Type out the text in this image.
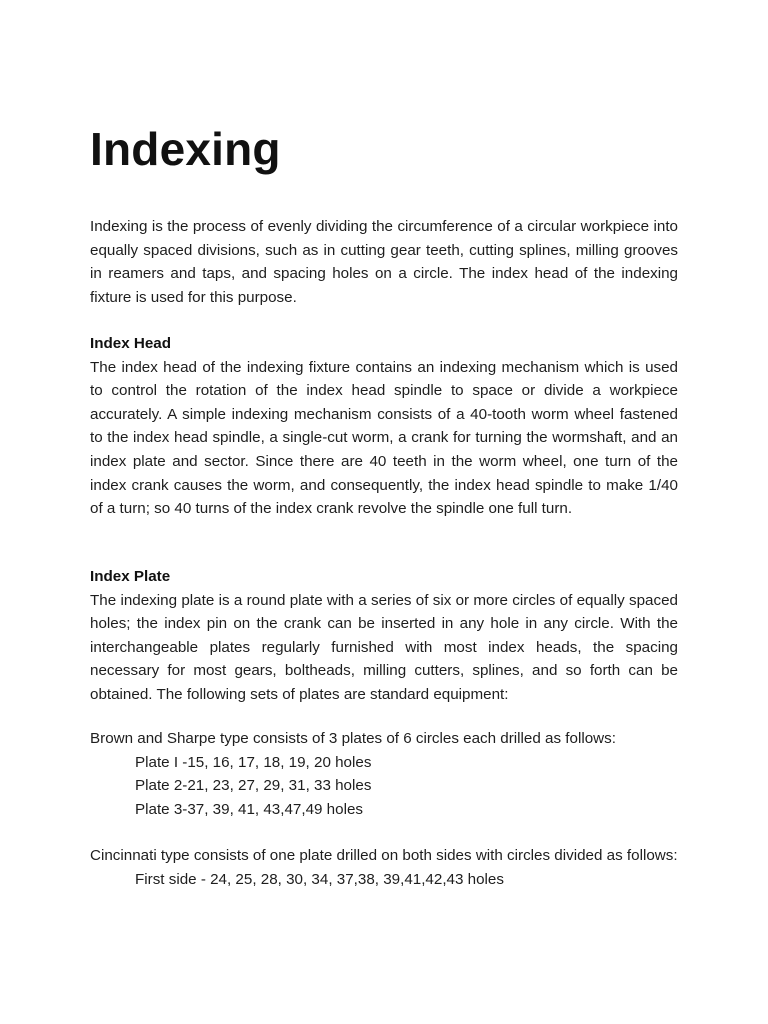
Indexing

Indexing is the process of evenly dividing the circumference of a circular workpiece into equally spaced divisions, such as in cutting gear teeth, cutting splines, milling grooves in reamers and taps, and spacing holes on a circle. The index head of the indexing fixture is used for this purpose.

Index Head

The index head of the indexing fixture contains an indexing mechanism which is used to control the rotation of the index head spindle to space or divide a workpiece accurately. A simple indexing mechanism consists of a 40-tooth worm wheel fastened to the index head spindle, a single-cut worm, a crank for turning the wormshaft, and an index plate and sector. Since there are 40 teeth in the worm wheel, one turn of the index crank causes the worm, and consequently, the index head spindle to make 1/40 of a turn; so 40 turns of the index crank revolve the spindle one full turn.

Index Plate

The indexing plate is a round plate with a series of six or more circles of equally spaced holes; the index pin on the crank can be inserted in any hole in any circle. With the interchangeable plates regularly furnished with most index heads, the spacing necessary for most gears, boltheads, milling cutters, splines, and so forth can be obtained. The following sets of plates are standard equipment:

Brown and Sharpe type consists of 3 plates of 6 circles each drilled as follows:

Plate I -15, 16, 17, 18, 19, 20 holes
Plate 2-21, 23, 27, 29, 31, 33 holes
Plate 3-37, 39, 41, 43,47,49 holes

Cincinnati type consists of one plate drilled on both sides with circles divided as follows:

First side - 24, 25, 28, 30, 34, 37,38, 39,41,42,43 holes
